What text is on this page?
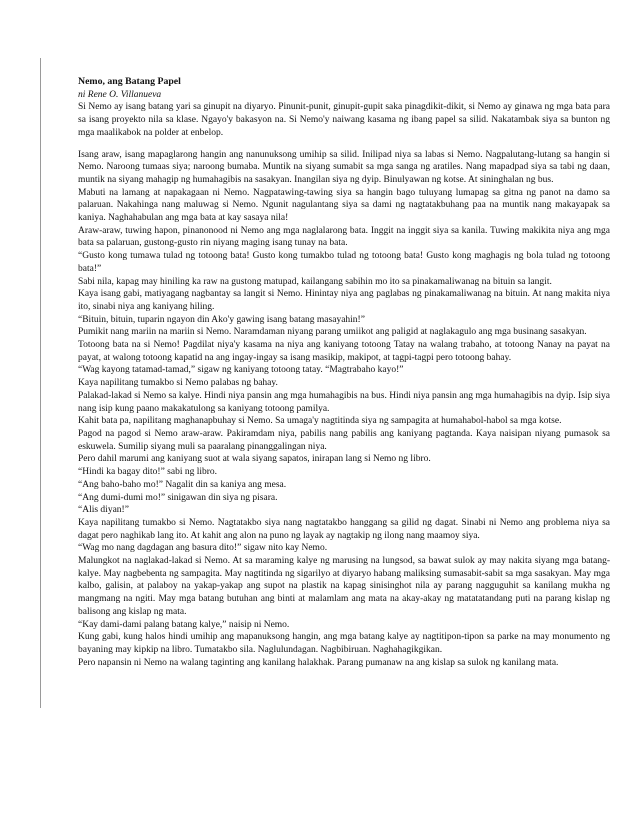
Nemo, ang Batang Papel

ni Rene O. Villanueva

Si Nemo ay isang batang yari sa ginupit na diyaryo. Pinunit-punit, ginupit-gupit saka pinagdikit-dikit, si Nemo ay ginawa ng mga bata para sa isang proyekto nila sa klase. Ngayo'y bakasyon na. Si Nemo'y naiwang kasama ng ibang papel sa silid. Nakatambak siya sa bunton ng mga maalikabok na polder at enbelop.

Isang araw, isang mapaglarong hangin ang nanunuksong umihip sa silid. Inilipad niya sa labas si Nemo. Nagpalutang-lutang sa hangin si Nemo. Naroong tumaas siya; naroong bumaba. Muntik na siyang sumabit sa mga sanga ng aratiles. Nang mapadpad siya sa tabi ng daan, muntik na siyang mahagip ng humahagibis na sasakyan. Inangilan siya ng dyip. Binulyawan ng kotse. At sininghalan ng bus.

Mabuti na lamang at napakagaan ni Nemo. Nagpatawing-tawing siya sa hangin bago tuluyang lumapag sa gitna ng panot na damo sa palaruan. Nakahinga nang maluwag si Nemo. Ngunit nagulantang siya sa dami ng nagtatakbuhang paa na muntik nang makayapak sa kaniya. Naghahabulan ang mga bata at kay sasaya nila!

Araw-araw, tuwing hapon, pinanonood ni Nemo ang mga naglalarong bata. Inggit na inggit siya sa kanila. Tuwing makikita niya ang mga bata sa palaruan, gustong-gusto rin niyang maging isang tunay na bata.

“Gusto kong tumawa tulad ng totoong bata! Gusto kong tumakbo tulad ng totoong bata! Gusto kong maghagis ng bola tulad ng totoong bata!”

Sabi nila, kapag may hiniling ka raw na gustong matupad, kailangang sabihin mo ito sa pinakamaliwanag na bituin sa langit.

Kaya isang gabi, matiyagang nagbantay sa langit si Nemo. Hinintay niya ang paglabas ng pinakamaliwanag na bituin. At nang makita niya ito, sinabi niya ang kaniyang hiling.

“Bituin, bituin, tuparin ngayon din Ako'y gawing isang batang masayahin!”

Pumikit nang mariin na mariin si Nemo. Naramdaman niyang parang umiikot ang paligid at naglakagulo ang mga businang sasakyan.

Totoong bata na si Nemo! Pagdilat niya'y kasama na niya ang kaniyang totoong Tatay na walang trabaho, at totoong Nanay na payat na payat, at walong totoong kapatid na ang ingay-ingay sa isang masikip, makipot, at tagpi-tagpi pero totoong bahay.

“Wag kayong tatamad-tamad,” sigaw ng kaniyang totoong tatay. “Magtrabaho kayo!”

Kaya napilitang tumakbo si Nemo palabas ng bahay.

Palakad-lakad si Nemo sa kalye. Hindi niya pansin ang mga humahagibis na bus. Hindi niya pansin ang mga humahagibis na dyip. Isip siya nang isip kung paano makakatulong sa kaniyang totoong pamilya.

Kahit bata pa, napilitang maghanapbuhay si Nemo. Sa umaga'y nagtitinda siya ng sampagita at humahabol-habol sa mga kotse.

Pagod na pagod si Nemo araw-araw. Pakiramdam niya, pabilis nang pabilis ang kaniyang pagtanda. Kaya naisipan niyang pumasok sa eskuwela. Sumilip siyang muli sa paaralang pinanggalingan niya.

Pero dahil marumi ang kaniyang suot at wala siyang sapatos, inirapan lang si Nemo ng libro.

“Hindi ka bagay dito!” sabi ng libro.

“Ang baho-baho mo!” Nagalit din sa kaniya ang mesa.

“Ang dumi-dumi mo!” sinigawan din siya ng pisara.

“Alis diyan!”

Kaya napilitang tumakbo si Nemo. Nagtatakbo siya nang nagtatakbo hanggang sa gilid ng dagat. Sinabi ni Nemo ang problema niya sa dagat pero naghikab lang ito. At kahit ang alon na puno ng layak ay nagtakip ng ilong nang maamoy siya.

“Wag mo nang dagdagan ang basura dito!” sigaw nito kay Nemo.

Malungkot na naglakad-lakad si Nemo. At sa maraming kalye ng marusing na lungsod, sa bawat sulok ay may nakita siyang mga batang-kalye. May nagbebenta ng sampagita. May nagtitinda ng sigarilyo at diyaryo habang maliksing sumasabit-sabit sa mga sasakyan. May mga kalbo, galisin, at palaboy na yakap-yakap ang supot na plastik na kapag sinisinghot nila ay parang nagguguhit sa kanilang mukha ng mangmang na ngiti. May mga batang butuhan ang binti at malamlam ang mata na akay-akay ng matatatandang puti na parang kislap ng balisong ang kislap ng mata.

“Kay dami-dami palang batang kalye,” naisip ni Nemo.

Kung gabi, kung halos hindi umihip ang mapanuksong hangin, ang mga batang kalye ay nagtitipon-tipon sa parke na may monumento ng bayaning may kipkip na libro. Tumatakbo sila. Naglulundagan. Nagbibiruan. Naghahagikgikan.

Pero napansin ni Nemo na walang taginting ang kanilang halakhak. Parang pumanaw na ang kislap sa sulok ng kanilang mata.
